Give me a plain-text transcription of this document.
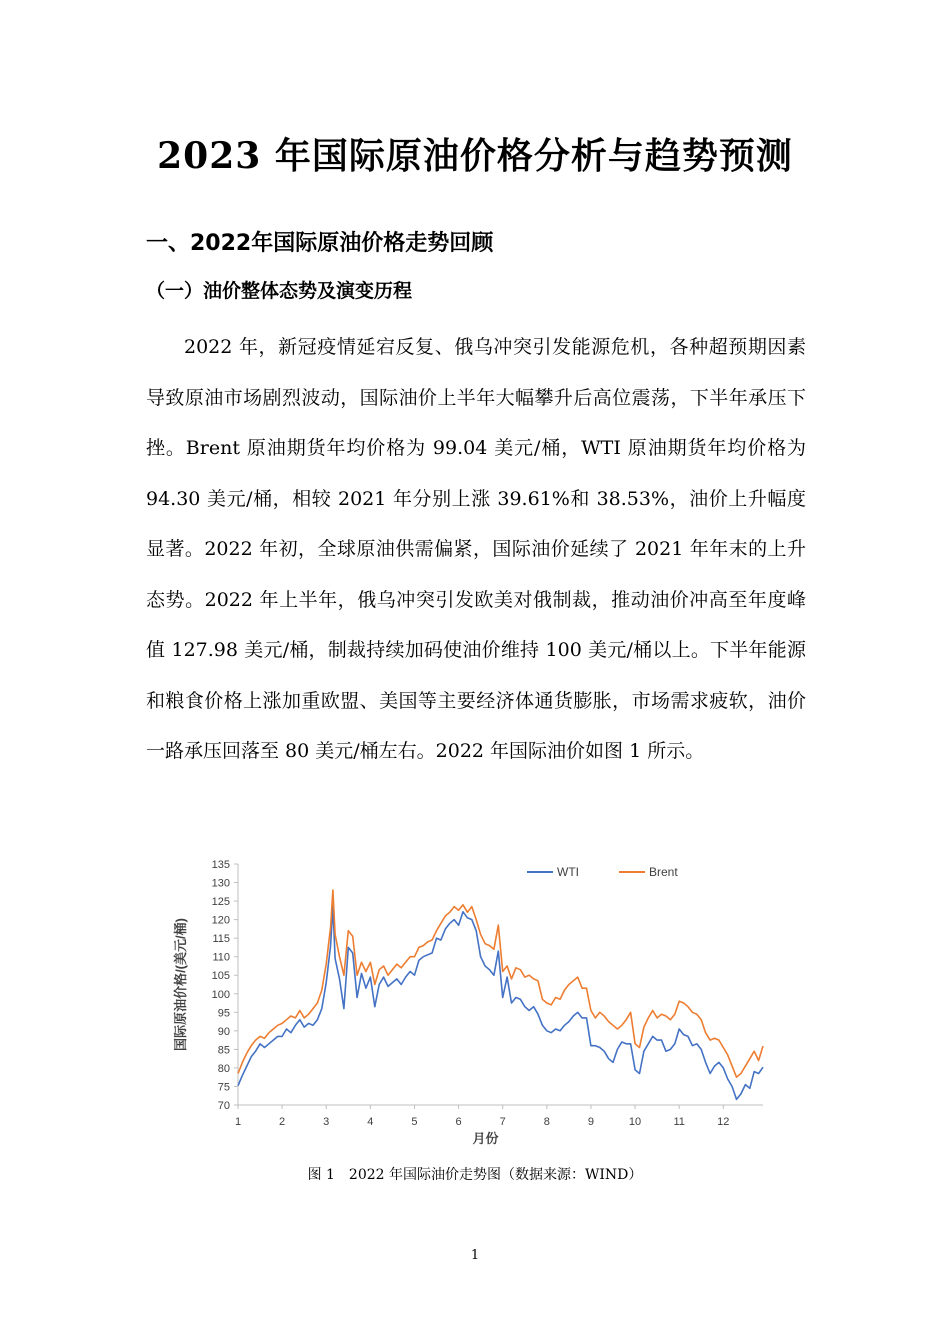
2023 年国际原油价格分析与趋势预测
一、2022年国际原油价格走势回顾
（一）油价整体态势及演变历程

2022 年，新冠疫情延宕反复、俄乌冲突引发能源危机，各种超预期因素导致原油市场剧烈波动，国际油价上半年大幅攀升后高位震荡，下半年承压下挫。Brent 原油期货年均价格为 99.04 美元/桶，WTI 原油期货年均价格为 94.30 美元/桶，相较 2021 年分别上涨 39.61%和 38.53%，油价上升幅度显著。2022 年初，全球原油供需偏紧，国际油价延续了 2021 年年末的上升态势。2022 年上半年，俄乌冲突引发欧美对俄制裁，推动油价冲高至年度峰值 127.98 美元/桶，制裁持续加码使油价维持 100 美元/桶以上。下半年能源和粮食价格上涨加重欧盟、美国等主要经济体通货膨胀，市场需求疲软，油价一路承压回落至 80 美元/桶左右。2022 年国际油价如图 1 所示。

70
75
80
85
90
95
100
105
110
115
120
125
130
135
1	2	3	4	5	6	7	8	9	10	11	12
月份
国际原油价格/(美元/桶)
WTI	Brent

图 1　2022 年国际油价走势图（数据来源：WIND）

1
